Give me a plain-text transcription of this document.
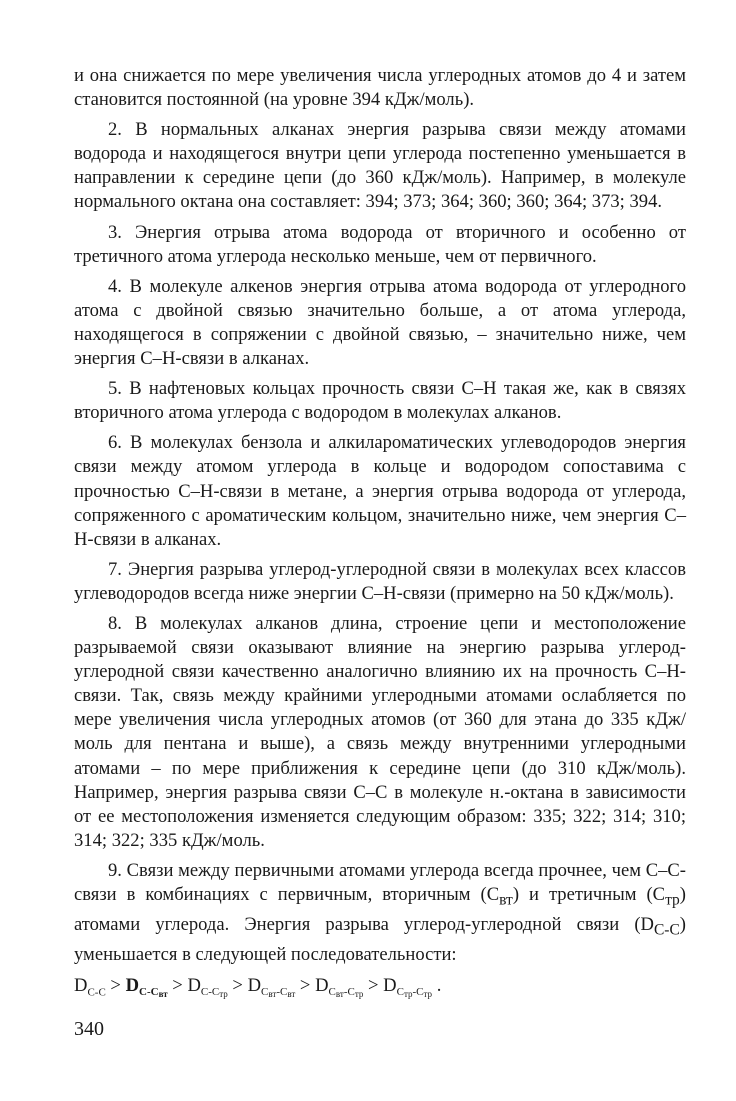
и она снижается по мере увеличения числа углеродных атомов до 4 и затем становится постоянной (на уровне 394 кДж/моль).

2. В нормальных алканах энергия разрыва связи между атомами водорода и находящегося внутри цепи углерода постепенно уменьшается в направлении к середине цепи (до 360 кДж/моль). Например, в молекуле нормального октана она составляет: 394; 373; 364; 360; 360; 364; 373; 394.

3. Энергия отрыва атома водорода от вторичного и особенно от третичного атома углерода несколько меньше, чем от первичного.

4. В молекуле алкенов энергия отрыва атома водорода от углеродного атома с двойной связью значительно больше, а от атома углерода, находящегося в сопряжении с двойной связью, – значительно ниже, чем энергия С–Н-связи в алканах.

5. В нафтеновых кольцах прочность связи С–Н такая же, как в связях вторичного атома углерода с водородом в молекулах алканов.

6. В молекулах бензола и алкилароматических углеводородов энергия связи между атомом углерода в кольце и водородом сопоставима с прочностью С–Н-связи в метане, а энергия отрыва водорода от углерода, сопряженного с ароматическим кольцом, значительно ниже, чем энергия С–Н-связи в алканах.

7. Энергия разрыва углерод-углеродной связи в молекулах всех классов углеводородов всегда ниже энергии С–Н-связи (примерно на 50 кДж/моль).

8. В молекулах алканов длина, строение цепи и местоположение разрываемой связи оказывают влияние на энергию разрыва углерод-углеродной связи качественно аналогично влиянию их на прочность С–Н-связи. Так, связь между крайними углеродными атомами ослабляется по мере увеличения числа углеродных атомов (от 360 для этана до 335 кДж/моль для пентана и выше), а связь между внутренними углеродными атомами – по мере приближения к середине цепи (до 310 кДж/моль). Например, энергия разрыва связи С–С в молекуле н.-октана в зависимости от ее местоположения изменяется следующим образом: 335; 322; 314; 310; 314; 322; 335 кДж/моль.

9. Связи между первичными атомами углерода всегда прочнее, чем С–С-связи в комбинациях с первичным, вторичным $(С_{вт})$ и третичным $(С_{тр})$ атомами углерода. Энергия разрыва углерод-углеродной связи $(D_{С-С})$ уменьшается в следующей последовательности:

$D_{С-С} > D_{С-Свт} > D_{С-Стр} > D_{Свт-Свт} > D_{Свт-Стр} > D_{Стр-Стр}$ .

340
